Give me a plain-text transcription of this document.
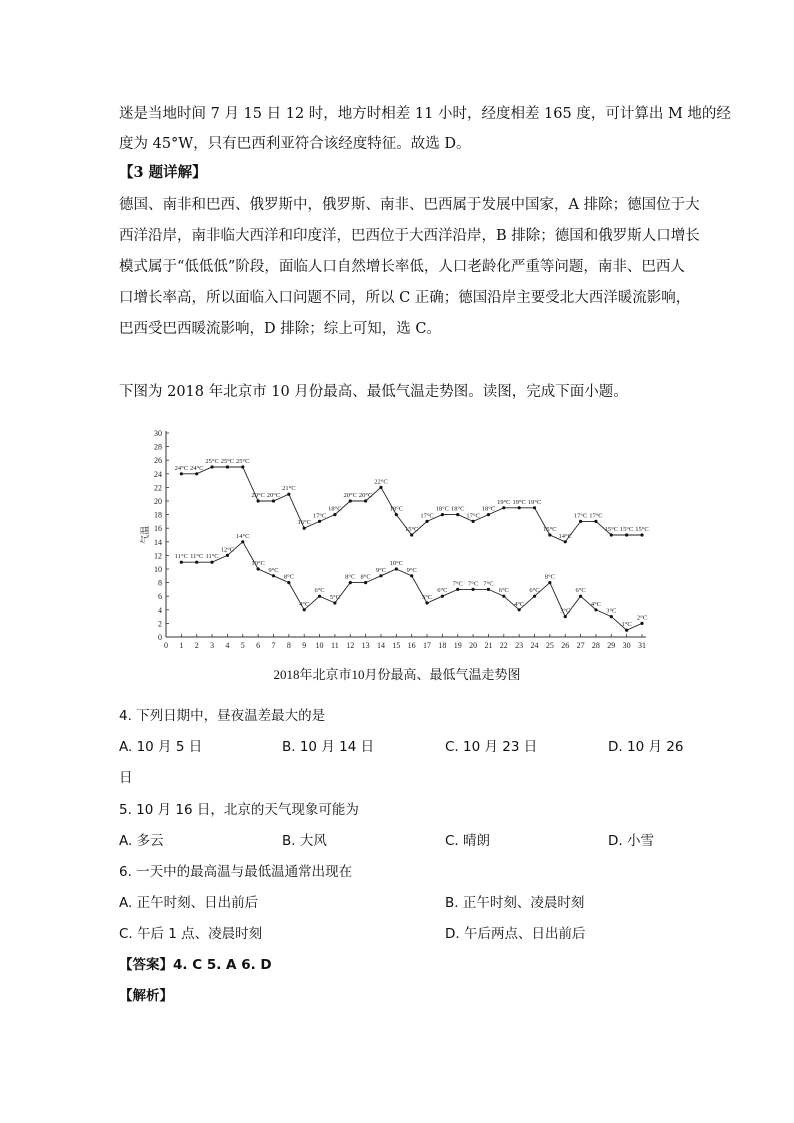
迷是当地时间 7 月 15 日 12 时，地方时相差 11 小时，经度相差 165 度，可计算出 M 地的经
度为 45°W，只有巴西利亚符合该经度特征。故选 D。
【3 题详解】
德国、南非和巴西、俄罗斯中，俄罗斯、南非、巴西属于发展中国家，A 排除；德国位于大
西洋沿岸，南非临大西洋和印度洋，巴西位于大西洋沿岸，B 排除；德国和俄罗斯人口增长
模式属于“低低低”阶段，面临人口自然增长率低，人口老龄化严重等问题，南非、巴西人
口增长率高，所以面临入口问题不同，所以 C 正确；德国沿岸主要受北大西洋暖流影响，
巴西受巴西暖流影响，D 排除；综上可知，选 C。
下图为 2018 年北京市 10 月份最高、最低气温走势图。读图，完成下面小题。
0
2
4
6
8
10
12
14
16
18
20
22
24
26
28
30
0 1 2 3 4 5 6 7 8 9 10 11 12 13 14 15 16 17 18 19 20 21 22 23 24 25 26 27 28 29 30 31
气温
24°C 24°C
25°C 25°C 25°C
20°C 20°C
21°C
16°C
17°C
18°C
20°C 20°C
22°C
18°C
15°C
17°C
18°C 18°C
17°C
18°C
19°C 19°C 19°C
15°C
14°C
17°C 17°C
15°C 15°C 15°C
11°C 11°C 11°C
12°C
14°C
10°C
9°C
8°C
4°C
6°C
5°C
8°C 8°C
9°C
10°C
9°C
5°C
6°C
7°C 7°C 7°C
6°C
4°C
6°C
8°C
3°C
6°C
4°C
3°C
1°C
2°C
2018年北京市10月份最高、最低气温走势图
4. 下列日期中，昼夜温差最大的是
A. 10 月 5 日	B. 10 月 14 日	C. 10 月 23 日	D. 10 月 26
日
5. 10 月 16 日，北京的天气现象可能为
A. 多云	B. 大风	C. 晴朗	D. 小雪
6. 一天中的最高温与最低温通常出现在
A. 正午时刻、日出前后	B. 正午时刻、凌晨时刻
C. 午后 1 点、凌晨时刻	D. 午后两点、日出前后
【答案】4. C 5. A 6. D
【解析】
